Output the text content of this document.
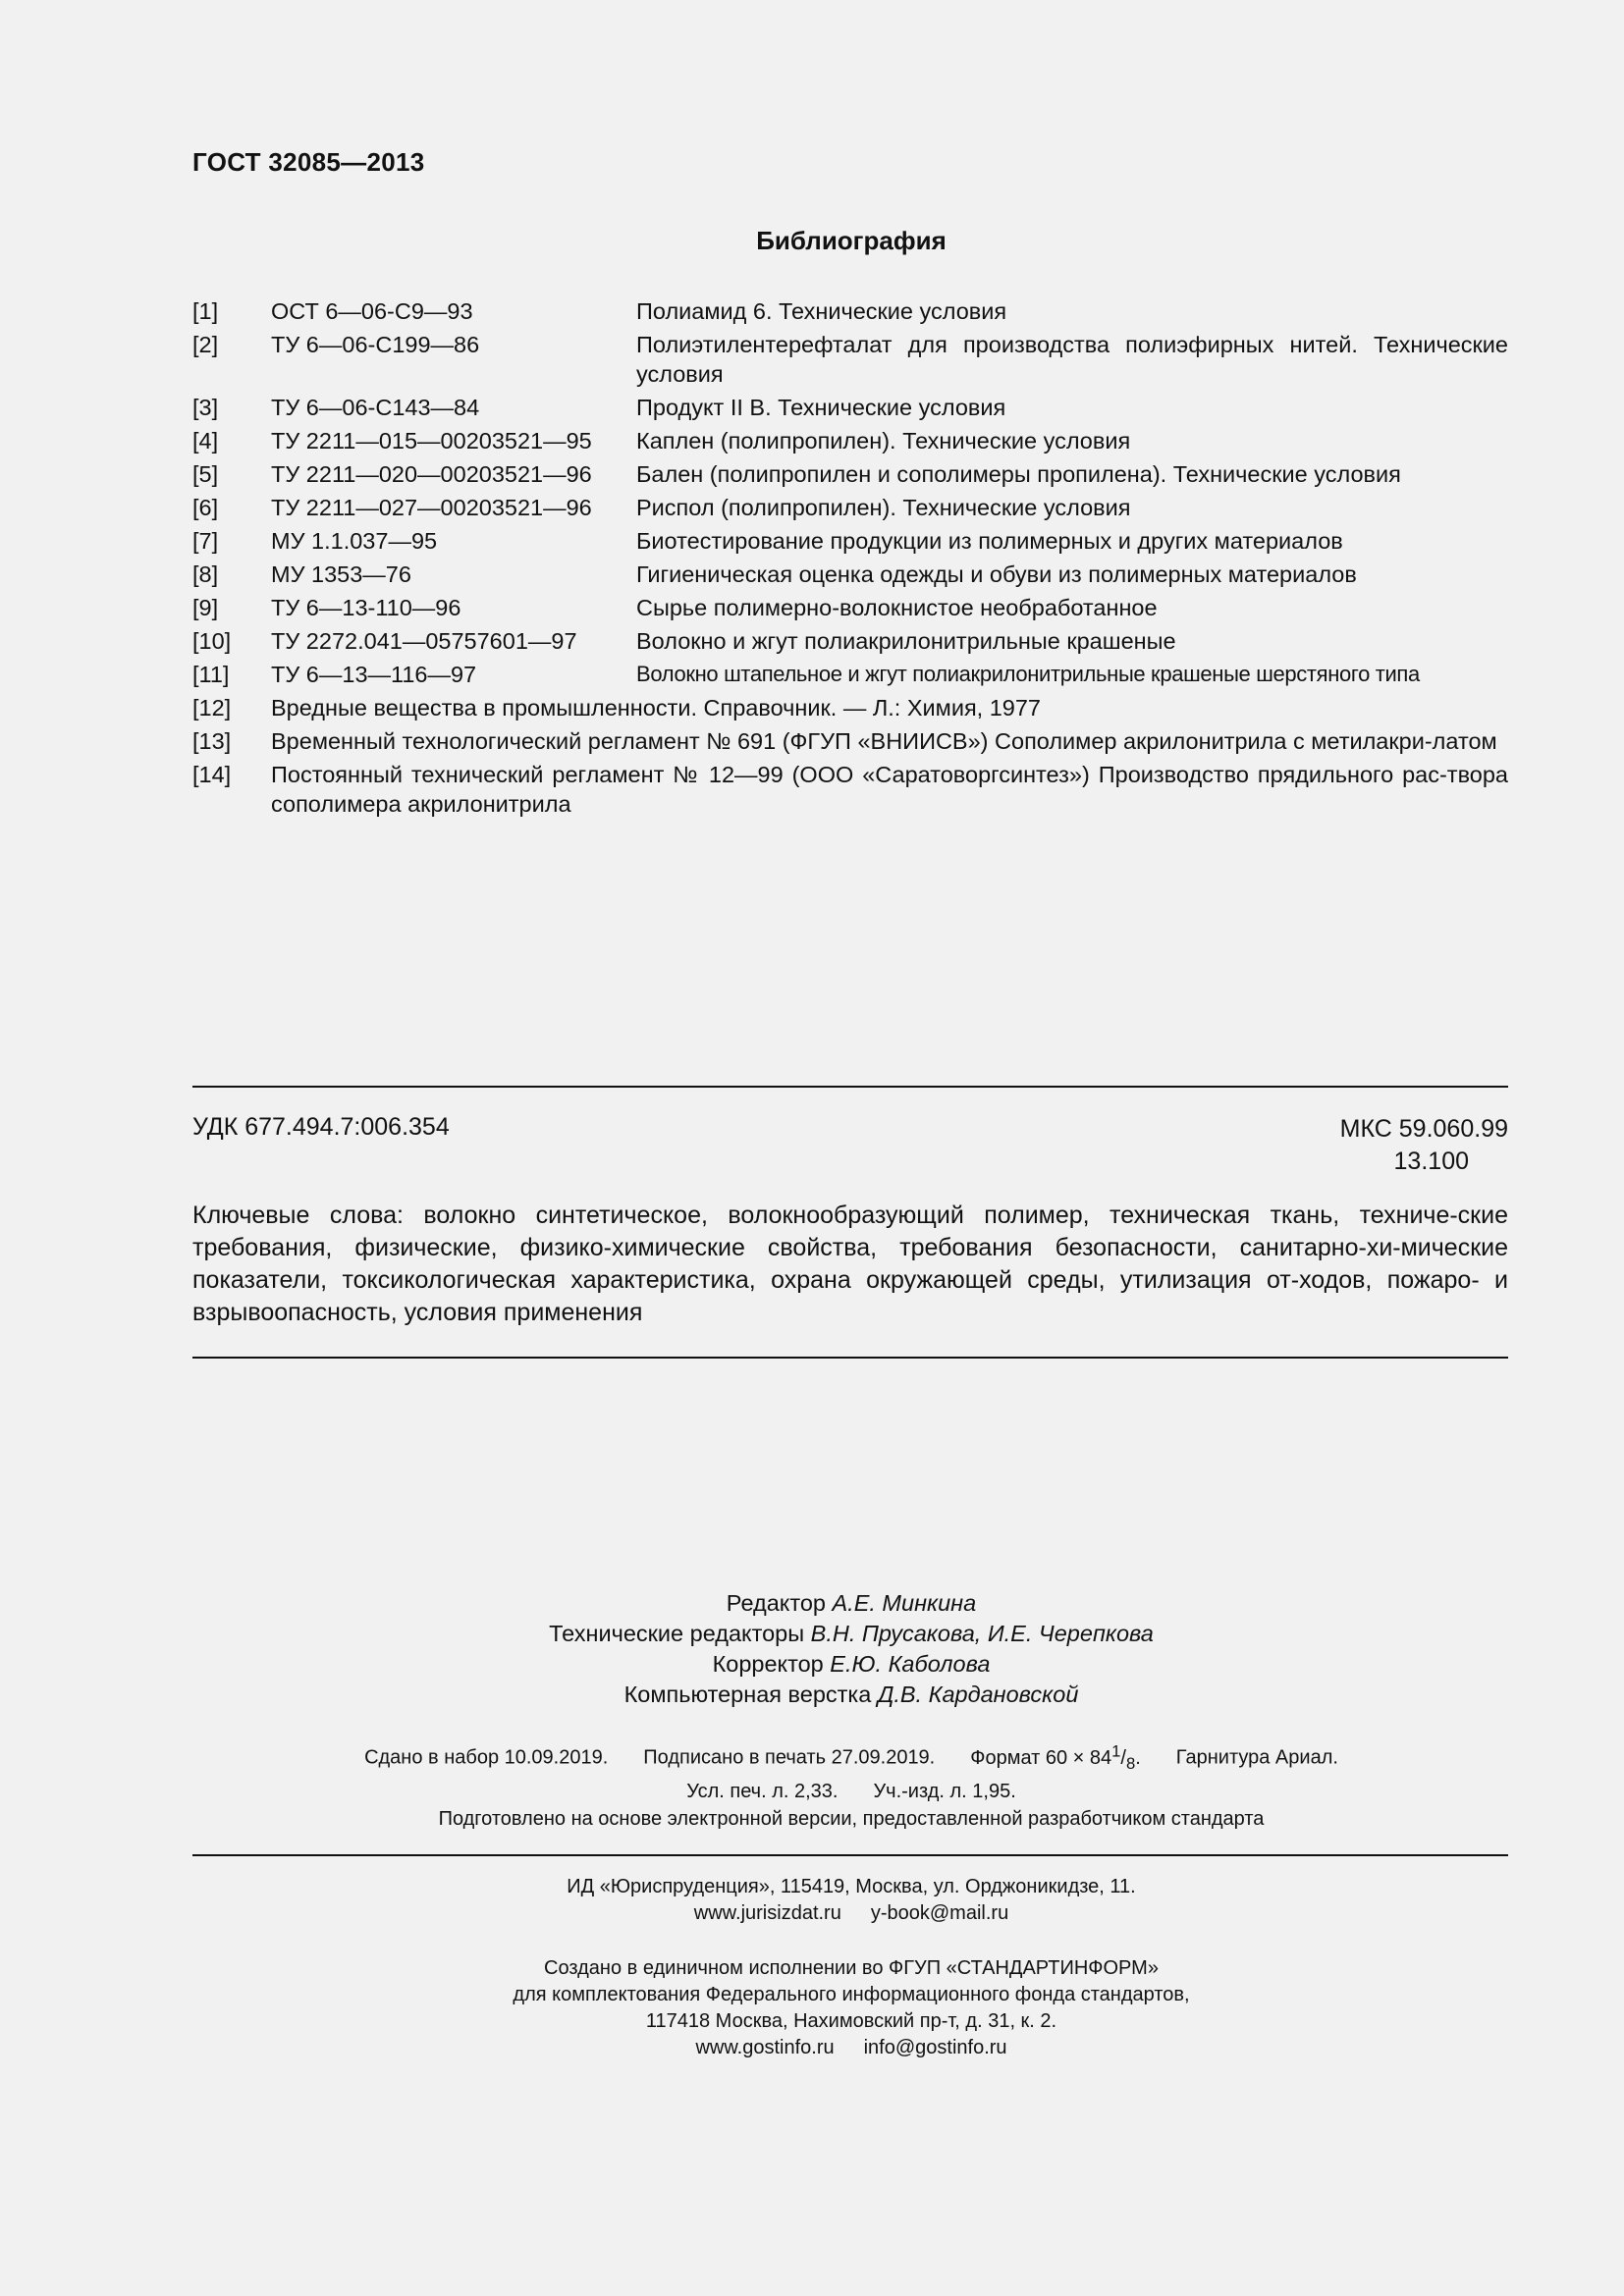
ГОСТ 32085—2013
Библиография
[1]	ОСТ 6—06-С9—93	Полиамид 6. Технические условия
[2]	ТУ 6—06-С199—86	Полиэтилентерефталат для производства полиэфирных нитей. Технические условия
[3]	ТУ 6—06-С143—84	Продукт II В. Технические условия
[4]	ТУ 2211—015—00203521—95	Каплен (полипропилен). Технические условия
[5]	ТУ 2211—020—00203521—96	Бален (полипропилен и сополимеры пропилена). Технические условия
[6]	ТУ 2211—027—00203521—96	Риспол (полипропилен). Технические условия
[7]	МУ 1.1.037—95	Биотестирование продукции из полимерных и других материалов
[8]	МУ 1353—76	Гигиеническая оценка одежды и обуви из полимерных материалов
[9]	ТУ 6—13-110—96	Сырье полимерно-волокнистое необработанное
[10]	ТУ 2272.041—05757601—97	Волокно и жгут полиакрилонитрильные крашеные
[11]	ТУ 6—13—116—97	Волокно штапельное и жгут полиакрилонитрильные крашеные шерстяного типа
[12]	Вредные вещества в промышленности. Справочник. — Л.: Химия, 1977
[13]	Временный технологический регламент № 691 (ФГУП «ВНИИСВ») Сополимер акрилонитрила с метилакри-латом
[14]	Постоянный технический регламент № 12—99 (ООО «Саратоворгсинтез») Производство прядильного рас-твора сополимера акрилонитрила
УДК 677.494.7:006.354	МКС 59.060.99
13.100
Ключевые слова: волокно синтетическое, волокнообразующий полимер, техническая ткань, техниче-ские требования, физические, физико-химические свойства, требования безопасности, санитарно-хи-мические показатели, токсикологическая характеристика, охрана окружающей среды, утилизация от-ходов, пожаро- и взрывоопасность, условия применения
Редактор А.Е. Минкина
Технические редакторы В.Н. Прусакова, И.Е. Черепкова
Корректор Е.Ю. Каболова
Компьютерная верстка Д.В. Кардановской
Сдано в набор 10.09.2019. Подписано в печать 27.09.2019. Формат $60 \times 84^1/_8$. Гарнитура Ариал.
Усл. печ. л. 2,33. Уч.-изд. л. 1,95.
Подготовлено на основе электронной версии, предоставленной разработчиком стандарта
ИД «Юриспруденция», 115419, Москва, ул. Орджоникидзе, 11.
www.jurisizdat.ru y-book@mail.ru
Создано в единичном исполнении во ФГУП «СТАНДАРТИНФОРМ»
для комплектования Федерального информационного фонда стандартов,
117418 Москва, Нахимовский пр-т, д. 31, к. 2.
www.gostinfo.ru info@gostinfo.ru
